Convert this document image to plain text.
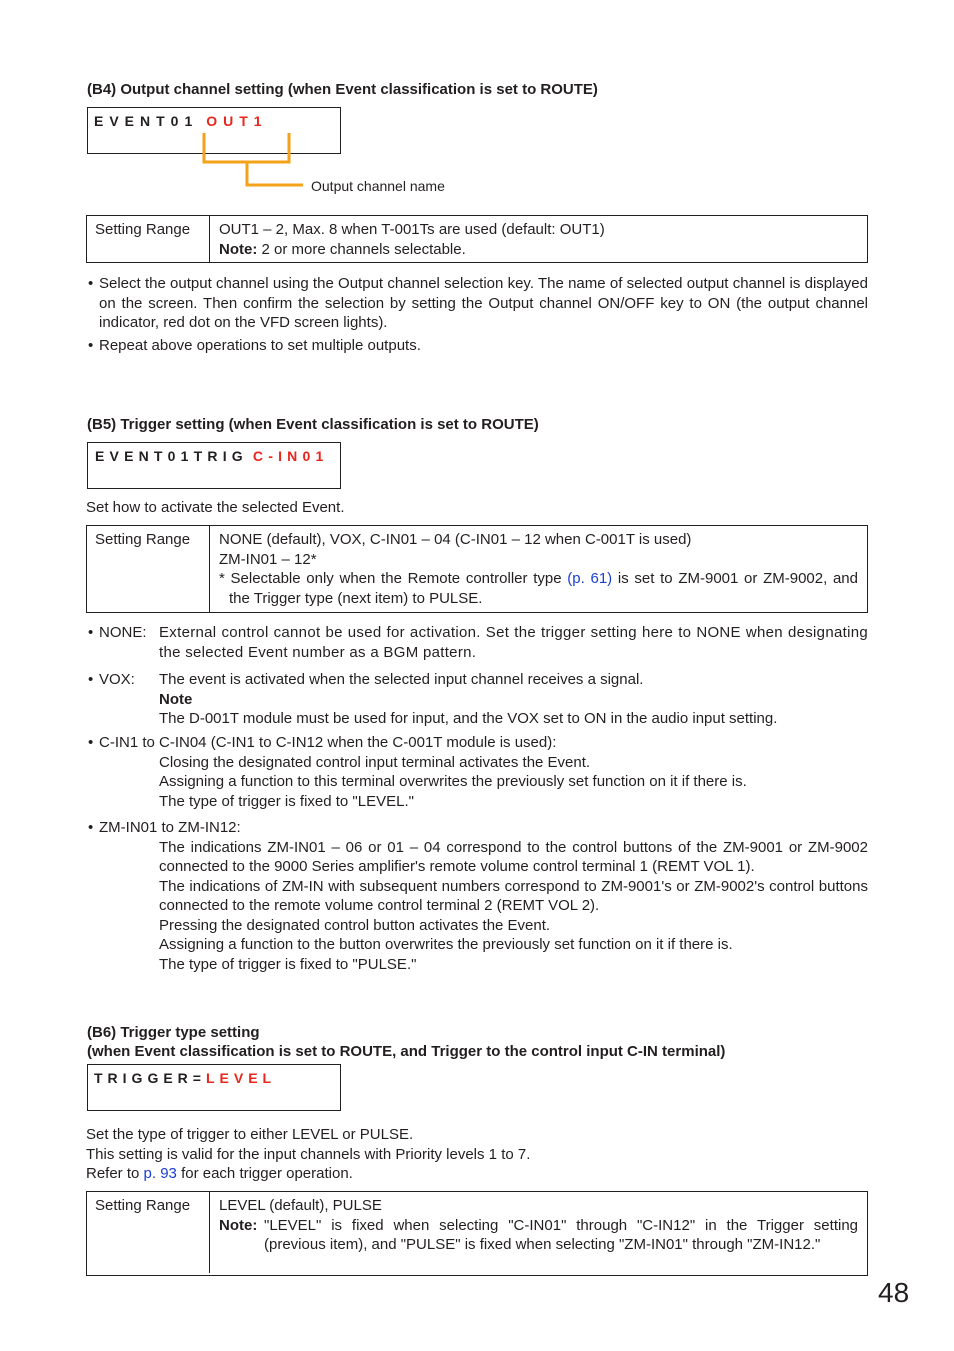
(B4) Output channel setting (when Event classification is set to ROUTE)
EVENT01 OUT1
Output channel name
Setting Range OUT1 – 2, Max. 8 when T-001Ts are used (default: OUT1)
Note: 2 or more channels selectable.
• Select the output channel using the Output channel selection key. The name of selected output channel is displayed on the screen. Then confirm the selection by setting the Output channel ON/OFF key to ON (the output channel indicator, red dot on the VFD screen lights).
• Repeat above operations to set multiple outputs.
(B5) Trigger setting (when Event classification is set to ROUTE)
EVENT01TRIG C-IN01
Set how to activate the selected Event.
Setting Range NONE (default), VOX, C-IN01 – 04 (C-IN01 – 12 when C-001T is used)
ZM-IN01 – 12*
* Selectable only when the Remote controller type (p. 61) is set to ZM-9001 or ZM-9002, and the Trigger type (next item) to PULSE.
• NONE: External control cannot be used for activation. Set the trigger setting here to NONE when designating the selected Event number as a BGM pattern.
• VOX: The event is activated when the selected input channel receives a signal.
Note
The D-001T module must be used for input, and the VOX set to ON in the audio input setting.
• C-IN1 to C-IN04 (C-IN1 to C-IN12 when the C-001T module is used):
Closing the designated control input terminal activates the Event.
Assigning a function to this terminal overwrites the previously set function on it if there is.
The type of trigger is fixed to "LEVEL."
• ZM-IN01 to ZM-IN12:
The indications ZM-IN01 – 06 or 01 – 04 correspond to the control buttons of the ZM-9001 or ZM-9002 connected to the 9000 Series amplifier's remote volume control terminal 1 (REMT VOL 1).
The indications of ZM-IN with subsequent numbers correspond to ZM-9001's or ZM-9002's control buttons connected to the remote volume control terminal 2 (REMT VOL 2).
Pressing the designated control button activates the Event.
Assigning a function to the button overwrites the previously set function on it if there is.
The type of trigger is fixed to "PULSE."
(B6) Trigger type setting
(when Event classification is set to ROUTE, and Trigger to the control input C-IN terminal)
TRIGGER=LEVEL
Set the type of trigger to either LEVEL or PULSE.
This setting is valid for the input channels with Priority levels 1 to 7.
Refer to p. 93 for each trigger operation.
Setting Range LEVEL (default), PULSE
Note: "LEVEL" is fixed when selecting "C-IN01" through "C-IN12" in the Trigger setting (previous item), and "PULSE" is fixed when selecting "ZM-IN01" through "ZM-IN12."
48
